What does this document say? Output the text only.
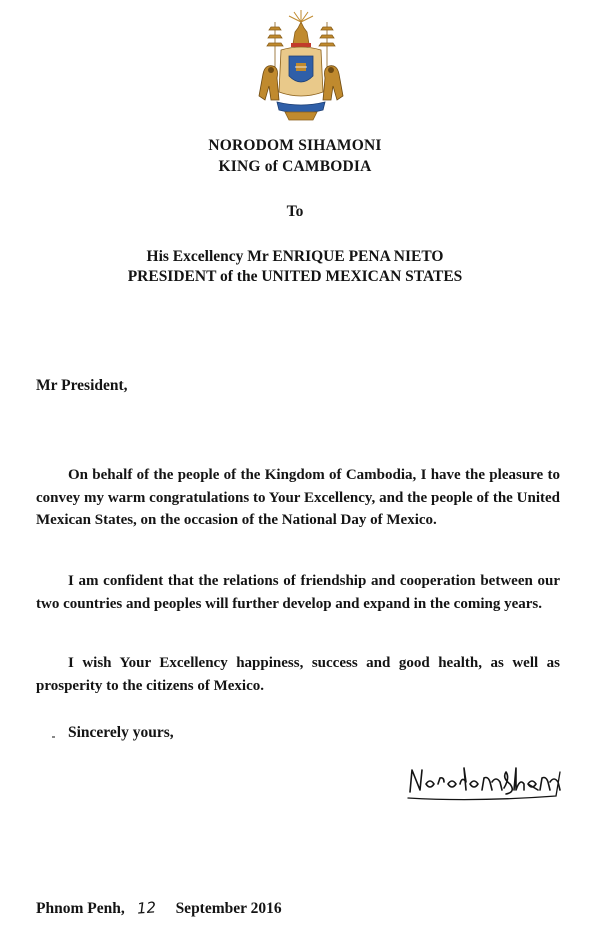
NORODOM SIHAMONI
KING of CAMBODIA
To
His Excellency Mr ENRIQUE PENA NIETO
PRESIDENT of the UNITED MEXICAN STATES
Mr President,
On behalf of the people of the Kingdom of Cambodia, I have the pleasure to convey my warm congratulations to Your Excellency, and the people of the United Mexican States, on the occasion of the National Day of Mexico.
I am confident that the relations of friendship and cooperation between our two countries and peoples will further develop and expand in the coming years.
I wish Your Excellency happiness, success and good health, as well as prosperity to the citizens of Mexico.
Sincerely yours,
Phnom Penh, 12 September 2016
